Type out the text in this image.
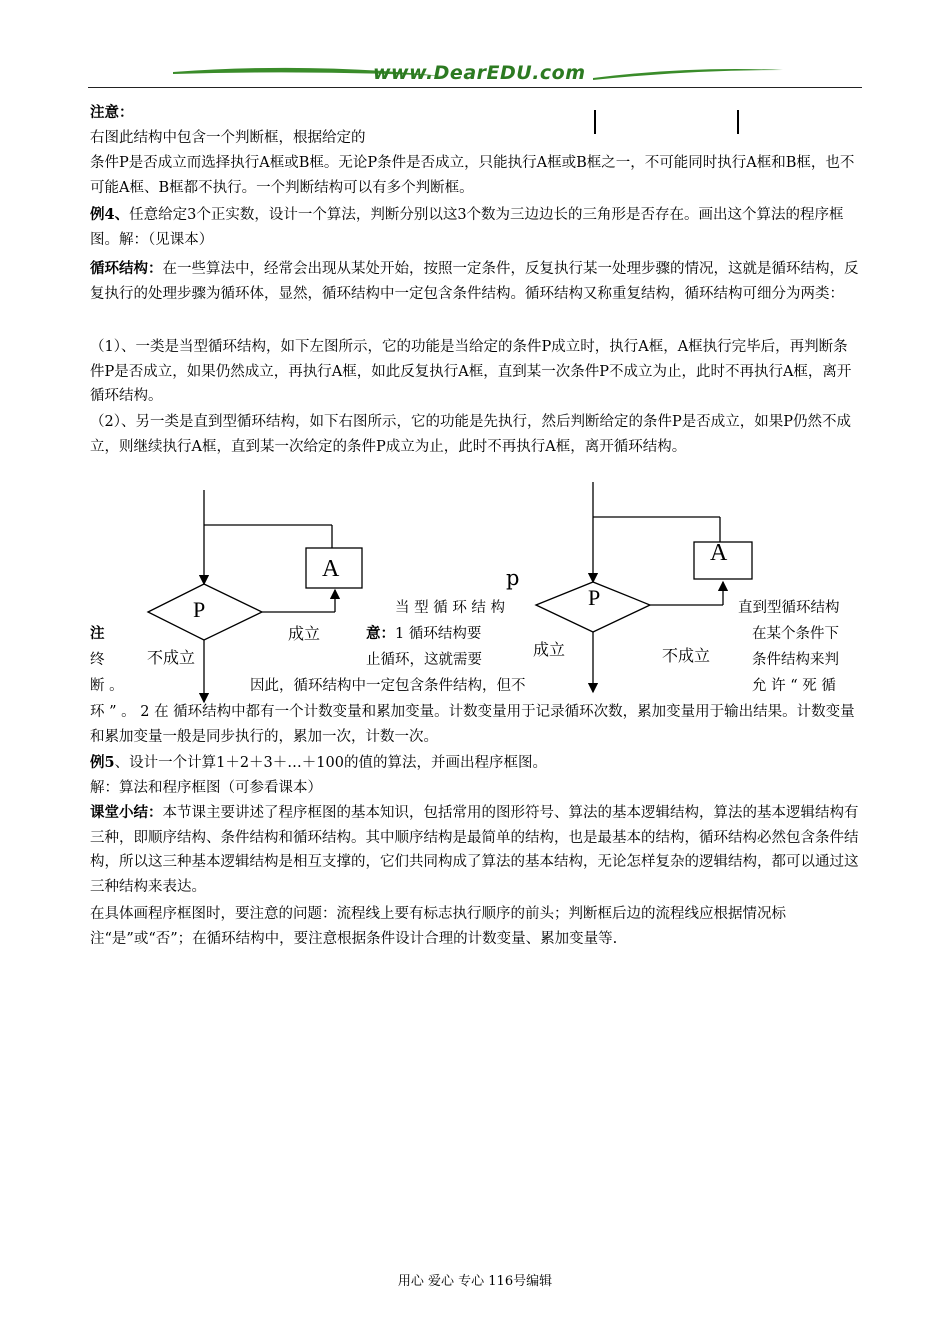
www.DearEDU.com

注意：

右图此结构中包含一个判断框，根据给定的

条件P是否成立而选择执行A框或B框。无论P条件是否成立，只能执行A框或B框之一，不可能同时执行A框和B框，也不可能A框、B框都不执行。一个判断结构可以有多个判断框。

例4、任意给定3个正实数，设计一个算法，判断分别以这3个数为三边边长的三角形是否存在。画出这个算法的程序框图。解：（见课本）

循环结构：在一些算法中，经常会出现从某处开始，按照一定条件，反复执行某一处理步骤的情况，这就是循环结构，反复执行的处理步骤为循环体，显然，循环结构中一定包含条件结构。循环结构又称重复结构，循环结构可细分为两类：

（1）、一类是当型循环结构，如下左图所示，它的功能是当给定的条件P成立时，执行A框，A框执行完毕后，再判断条件P是否成立，如果仍然成立，再执行A框，如此反复执行A框，直到某一次条件P不成立为止，此时不再执行A框，离开循环结构。

（2）、另一类是直到型循环结构，如下右图所示，它的功能是先执行，然后判断给定的条件P是否成立，如果P仍然不成立，则继续执行A框，直到某一次给定的条件P成立为止，此时不再执行A框，离开循环结构。

A
P
成立
不成立
A
P
成立	不成立
p
当 型 循 环 结 构	直到型循环结构
注	意：1 循环结构要	在某个条件下
终	止循环，这就需要	条件结构来判
断 。	因此，循环结构中一定包含条件结构，但不	允 许 “ 死 循

环 ” 。 2 在 循环结构中都有一个计数变量和累加变量。计数变量用于记录循环次数，累加变量用于输出结果。计数变量和累加变量一般是同步执行的，累加一次，计数一次。

例5、设计一个计算1＋2＋3＋…＋100的值的算法，并画出程序框图。

解：算法和程序框图（可参看课本）

课堂小结：本节课主要讲述了程序框图的基本知识，包括常用的图形符号、算法的基本逻辑结构，算法的基本逻辑结构有三种，即顺序结构、条件结构和循环结构。其中顺序结构是最简单的结构，也是最基本的结构，循环结构必然包含条件结构，所以这三种基本逻辑结构是相互支撑的，它们共同构成了算法的基本结构，无论怎样复杂的逻辑结构，都可以通过这三种结构来表达。

在具体画程序框图时，要注意的问题：流程线上要有标志执行顺序的前头；判断框后边的流程线应根据情况标注“是”或“否”；在循环结构中，要注意根据条件设计合理的计数变量、累加变量等.

用心 爱心 专心 116号编辑
